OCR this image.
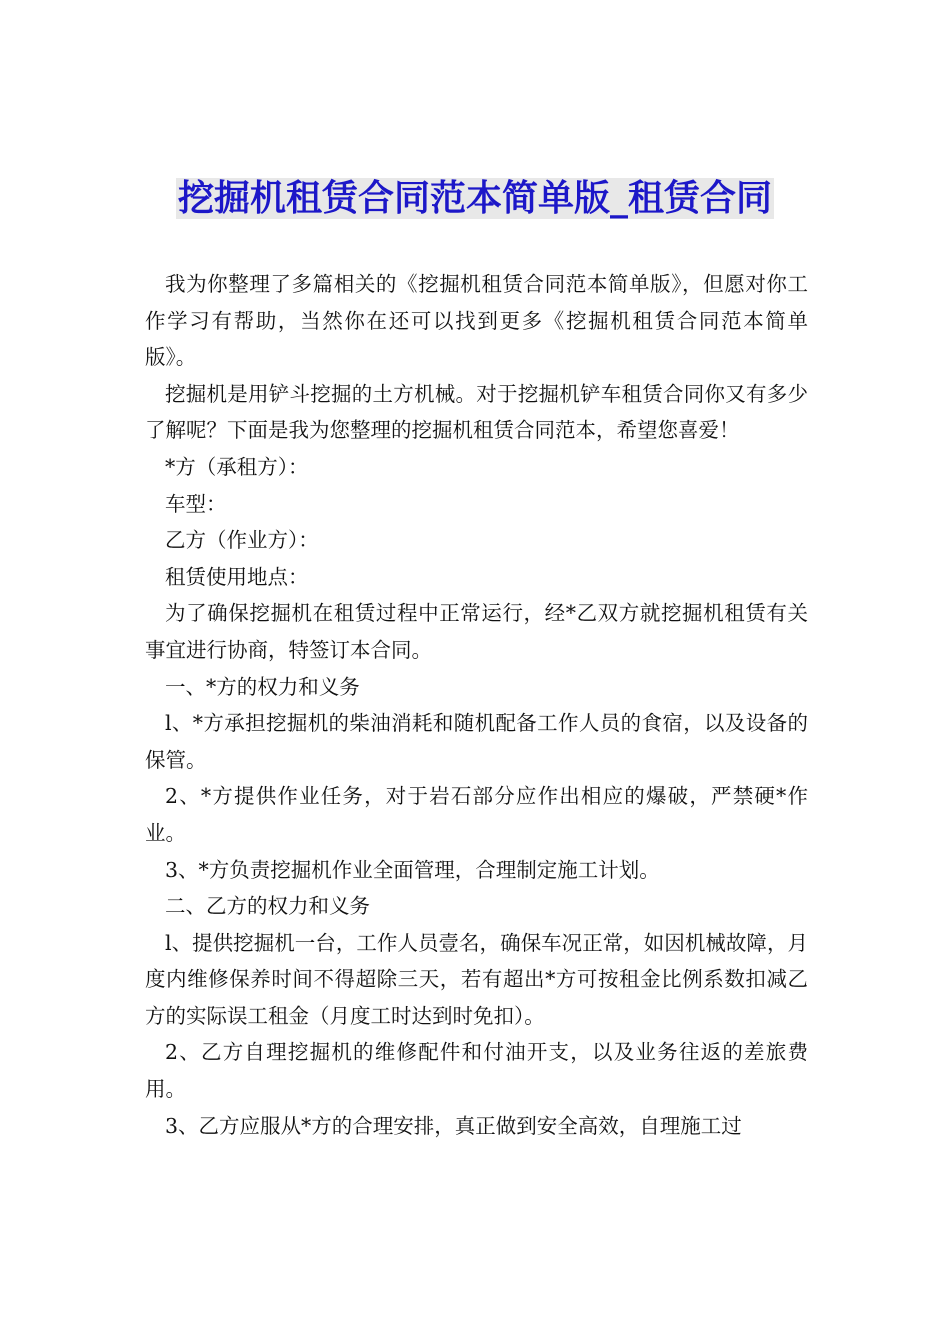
挖掘机租赁合同范本简单版_租赁合同

我为你整理了多篇相关的《挖掘机租赁合同范本简单版》，但愿对你工作学习有帮助，当然你在还可以找到更多《挖掘机租赁合同范本简单版》。

挖掘机是用铲斗挖掘的土方机械。对于挖掘机铲车租赁合同你又有多少了解呢？下面是我为您整理的挖掘机租赁合同范本，希望您喜爱！

*方（承租方）：

车型：

乙方（作业方）：

租赁使用地点：

为了确保挖掘机在租赁过程中正常运行，经*乙双方就挖掘机租赁有关事宜进行协商，特签订本合同。

一、*方的权力和义务

l、*方承担挖掘机的柴油消耗和随机配备工作人员的食宿，以及设备的保管。

2、*方提供作业任务，对于岩石部分应作出相应的爆破，严禁硬*作业。

3、*方负责挖掘机作业全面管理，合理制定施工计划。

二、乙方的权力和义务

l、提供挖掘机一台，工作人员壹名，确保车况正常，如因机械故障，月度内维修保养时间不得超除三天，若有超出*方可按租金比例系数扣减乙方的实际误工租金（月度工时达到时免扣）。

2、乙方自理挖掘机的维修配件和付油开支，以及业务往返的差旅费用。

3、乙方应服从*方的合理安排，真正做到安全高效，自理施工过
